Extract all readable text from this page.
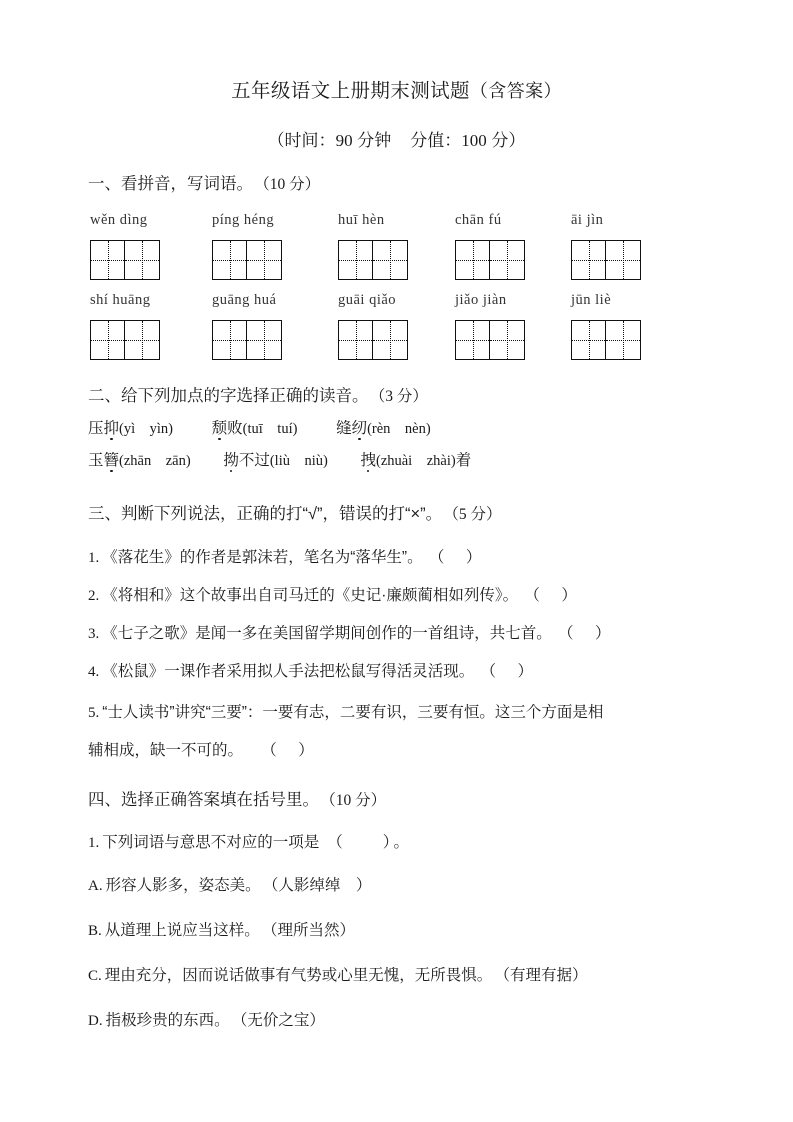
五年级语文上册期末测试题（含答案）
（时间：90 分钟 分值：100 分）
一、看拼音，写词语。 （10 分）
wěn dìng	píng héng	huī hèn	chān fú	āi jìn
shí huāng	guāng huá	guāi qiǎo	jiǎo jiàn	jūn liè
二、给下列加点的字选择正确的读音。 （3 分）
压抑(yì　yìn) 颓败(tuī　tuí) 缝纫(rèn　nèn)
玉簪(zhān　zān) 拗不过(liù　niù) 拽(zhuài　zhài)着
三、判断下列说法，正确的打“√”，错误的打“×”。 （5 分）
1. 《落花生》的作者是郭沫若，笔名为“落华生”。 （　）
2. 《将相和》这个故事出自司马迁的《史记·廉颇蔺相如列传》。 （　）
3. 《七子之歌》是闻一多在美国留学期间创作的一首组诗，共七首。 （　）
4. 《松鼠》一课作者采用拟人手法把松鼠写得活灵活现。 （　）
5. “士人读书”讲究“三要”：一要有志，二要有识，三要有恒。这三个方面是相
辅相成，缺一不可的。 （　）
四、选择正确答案填在括号里。 （10 分）
1. 下列词语与意思不对应的一项是 （　　）。
A. 形容人影多，姿态美。 （人影绰绰　）
B. 从道理上说应当这样。 （理所当然）
C. 理由充分，因而说话做事有气势或心里无愧，无所畏惧。 （有理有据）
D. 指极珍贵的东西。 （无价之宝）
